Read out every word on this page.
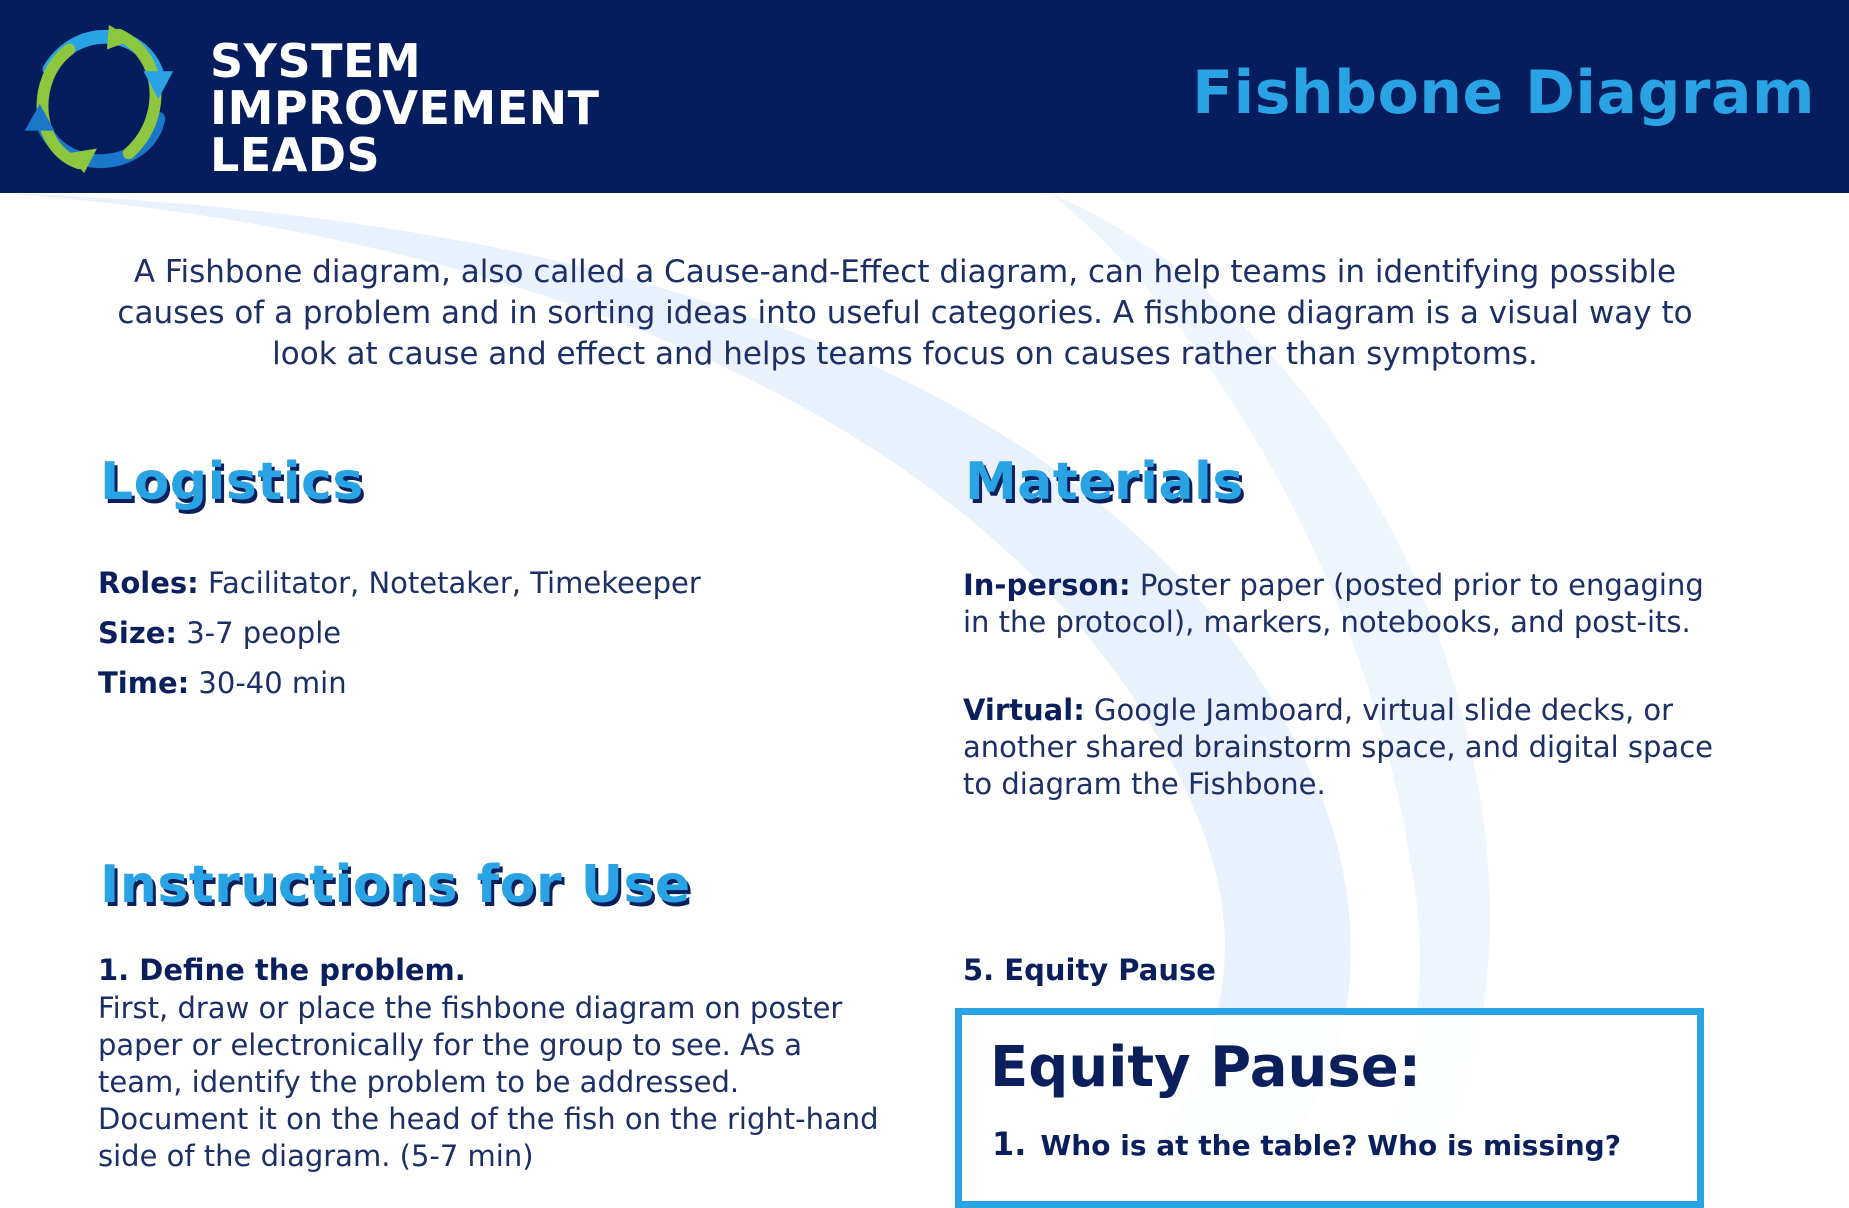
SYSTEM
IMPROVEMENT
LEADS
Fishbone Diagram

A Fishbone diagram, also called a Cause-and-Effect diagram, can help teams in identifying possible causes of a problem and in sorting ideas into useful categories. A fishbone diagram is a visual way to look at cause and effect and helps teams focus on causes rather than symptoms.

Logistics
Roles: Facilitator, Notetaker, Timekeeper
Size: 3-7 people
Time: 30-40 min
Materials

In-person: Poster paper (posted prior to engaging in the protocol), markers, notebooks, and post-its.

Virtual: Google Jamboard, virtual slide decks, or another shared brainstorm space, and digital space to diagram the Fishbone.

Instructions for Use
1. Define the problem.

First, draw or place the fishbone diagram on poster paper or electronically for the group to see. As a team, identify the problem to be addressed. Document it on the head of the fish on the right-hand side of the diagram. (5-7 min)

5. Equity Pause
Equity Pause:
1. Who is at the table? Who is missing?
